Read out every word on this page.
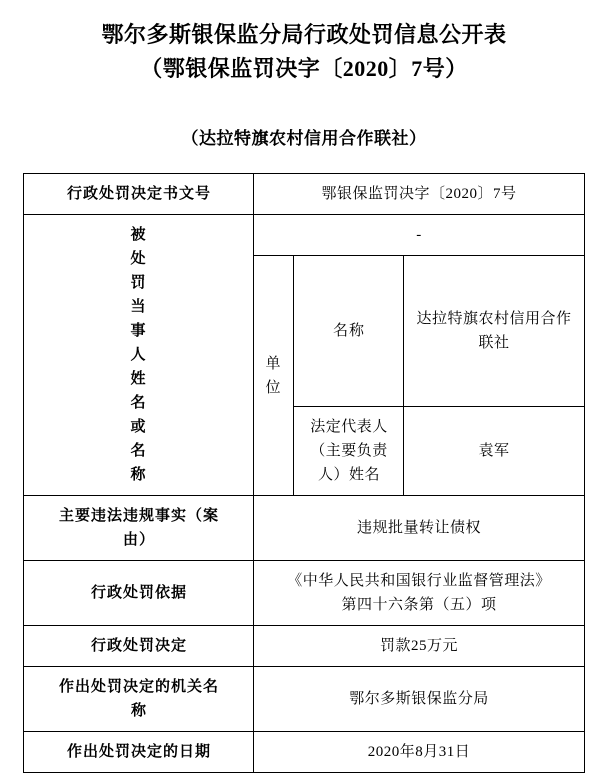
鄂尔多斯银保监分局行政处罚信息公开表
（鄂银保监罚决字〔2020〕7号）
（达拉特旗农村信用合作联社）
行政处罚决定书文号	鄂银保监罚决字〔2020〕7号		

被处罚当事人姓名或名称	-		

	单位	名称	达拉特旗农村信用合作联社

		法定代表人
（主要负责
人）姓名	袁军

主要违法违规事实（案
由）	违规批量转让债权		
行政处罚依据	《中华人民共和国银行业监督管理法》
第四十六条第（五）项		

行政处罚决定	罚款25万元		

作出处罚决定的机关名
称	鄂尔多斯银保监分局		
作出处罚决定的日期	2020年8月31日		
